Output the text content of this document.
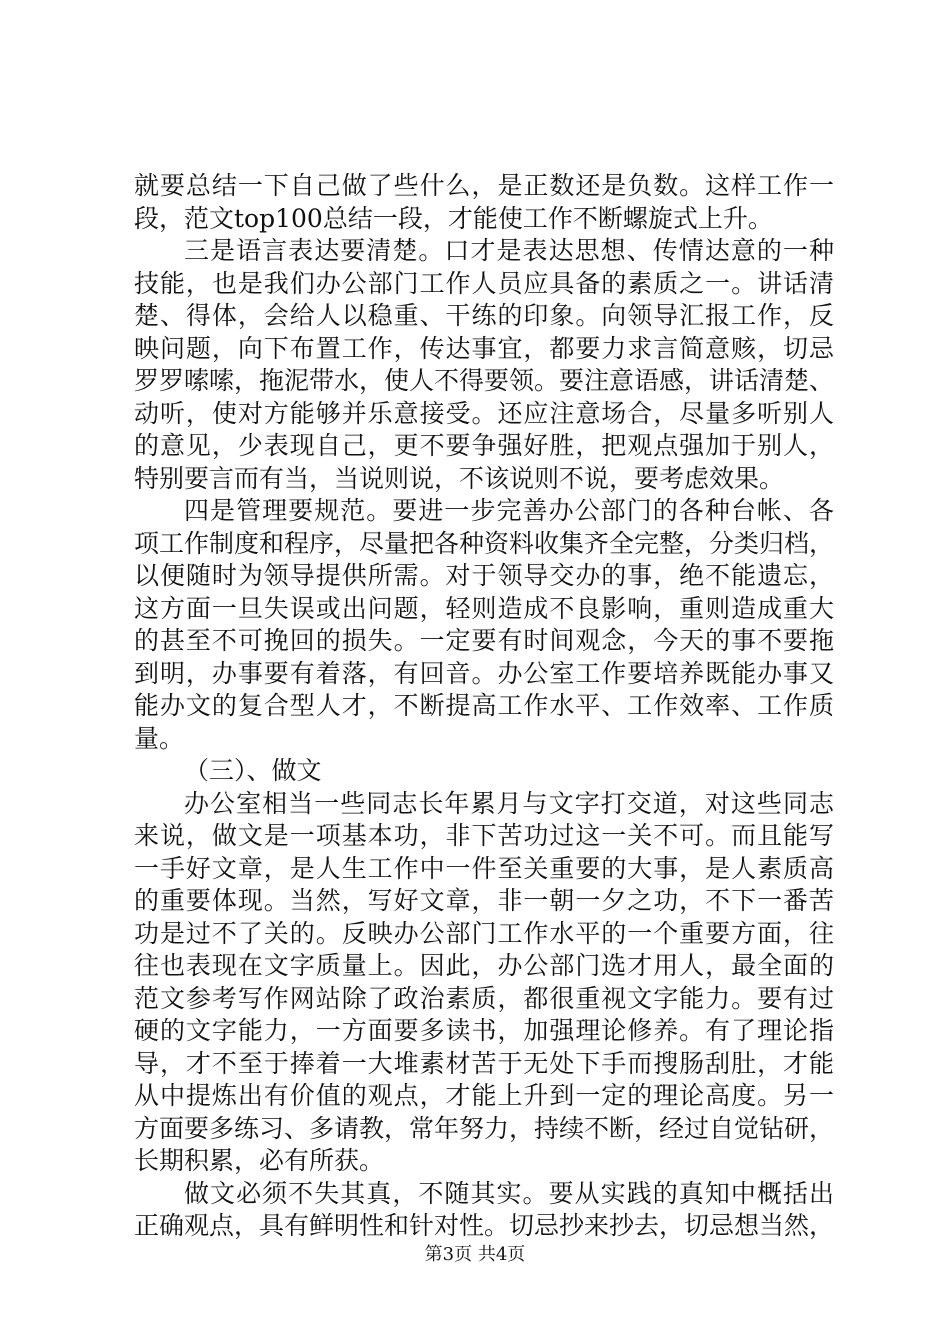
就要总结一下自己做了些什么，是正数还是负数。这样工作一
段，范文top100总结一段，才能使工作不断螺旋式上升。
三是语言表达要清楚。口才是表达思想、传情达意的一种
技能，也是我们办公部门工作人员应具备的素质之一。讲话清
楚、得体，会给人以稳重、干练的印象。向领导汇报工作，反
映问题，向下布置工作，传达事宜，都要力求言简意赅，切忌
罗罗嗦嗦，拖泥带水，使人不得要领。要注意语感，讲话清楚、
动听，使对方能够并乐意接受。还应注意场合，尽量多听别人
的意见，少表现自己，更不要争强好胜，把观点强加于别人，
特别要言而有当，当说则说，不该说则不说，要考虑效果。
四是管理要规范。要进一步完善办公部门的各种台帐、各
项工作制度和程序，尽量把各种资料收集齐全完整，分类归档，
以便随时为领导提供所需。对于领导交办的事，绝不能遗忘，
这方面一旦失误或出问题，轻则造成不良影响，重则造成重大
的甚至不可挽回的损失。一定要有时间观念，今天的事不要拖
到明，办事要有着落，有回音。办公室工作要培养既能办事又
能办文的复合型人才，不断提高工作水平、工作效率、工作质
量。
（三）、做文
办公室相当一些同志长年累月与文字打交道，对这些同志
来说，做文是一项基本功，非下苦功过这一关不可。而且能写
一手好文章，是人生工作中一件至关重要的大事，是人素质高
的重要体现。当然，写好文章，非一朝一夕之功，不下一番苦
功是过不了关的。反映办公部门工作水平的一个重要方面，往
往也表现在文字质量上。因此，办公部门选才用人，最全面的
范文参考写作网站除了政治素质，都很重视文字能力。要有过
硬的文字能力，一方面要多读书，加强理论修养。有了理论指
导，才不至于捧着一大堆素材苦于无处下手而搜肠刮肚，才能
从中提炼出有价值的观点，才能上升到一定的理论高度。另一
方面要多练习、多请教，常年努力，持续不断，经过自觉钻研，
长期积累，必有所获。
做文必须不失其真，不随其实。要从实践的真知中概括出
正确观点，具有鲜明性和针对性。切忌抄来抄去，切忌想当然，
第3页 共4页
